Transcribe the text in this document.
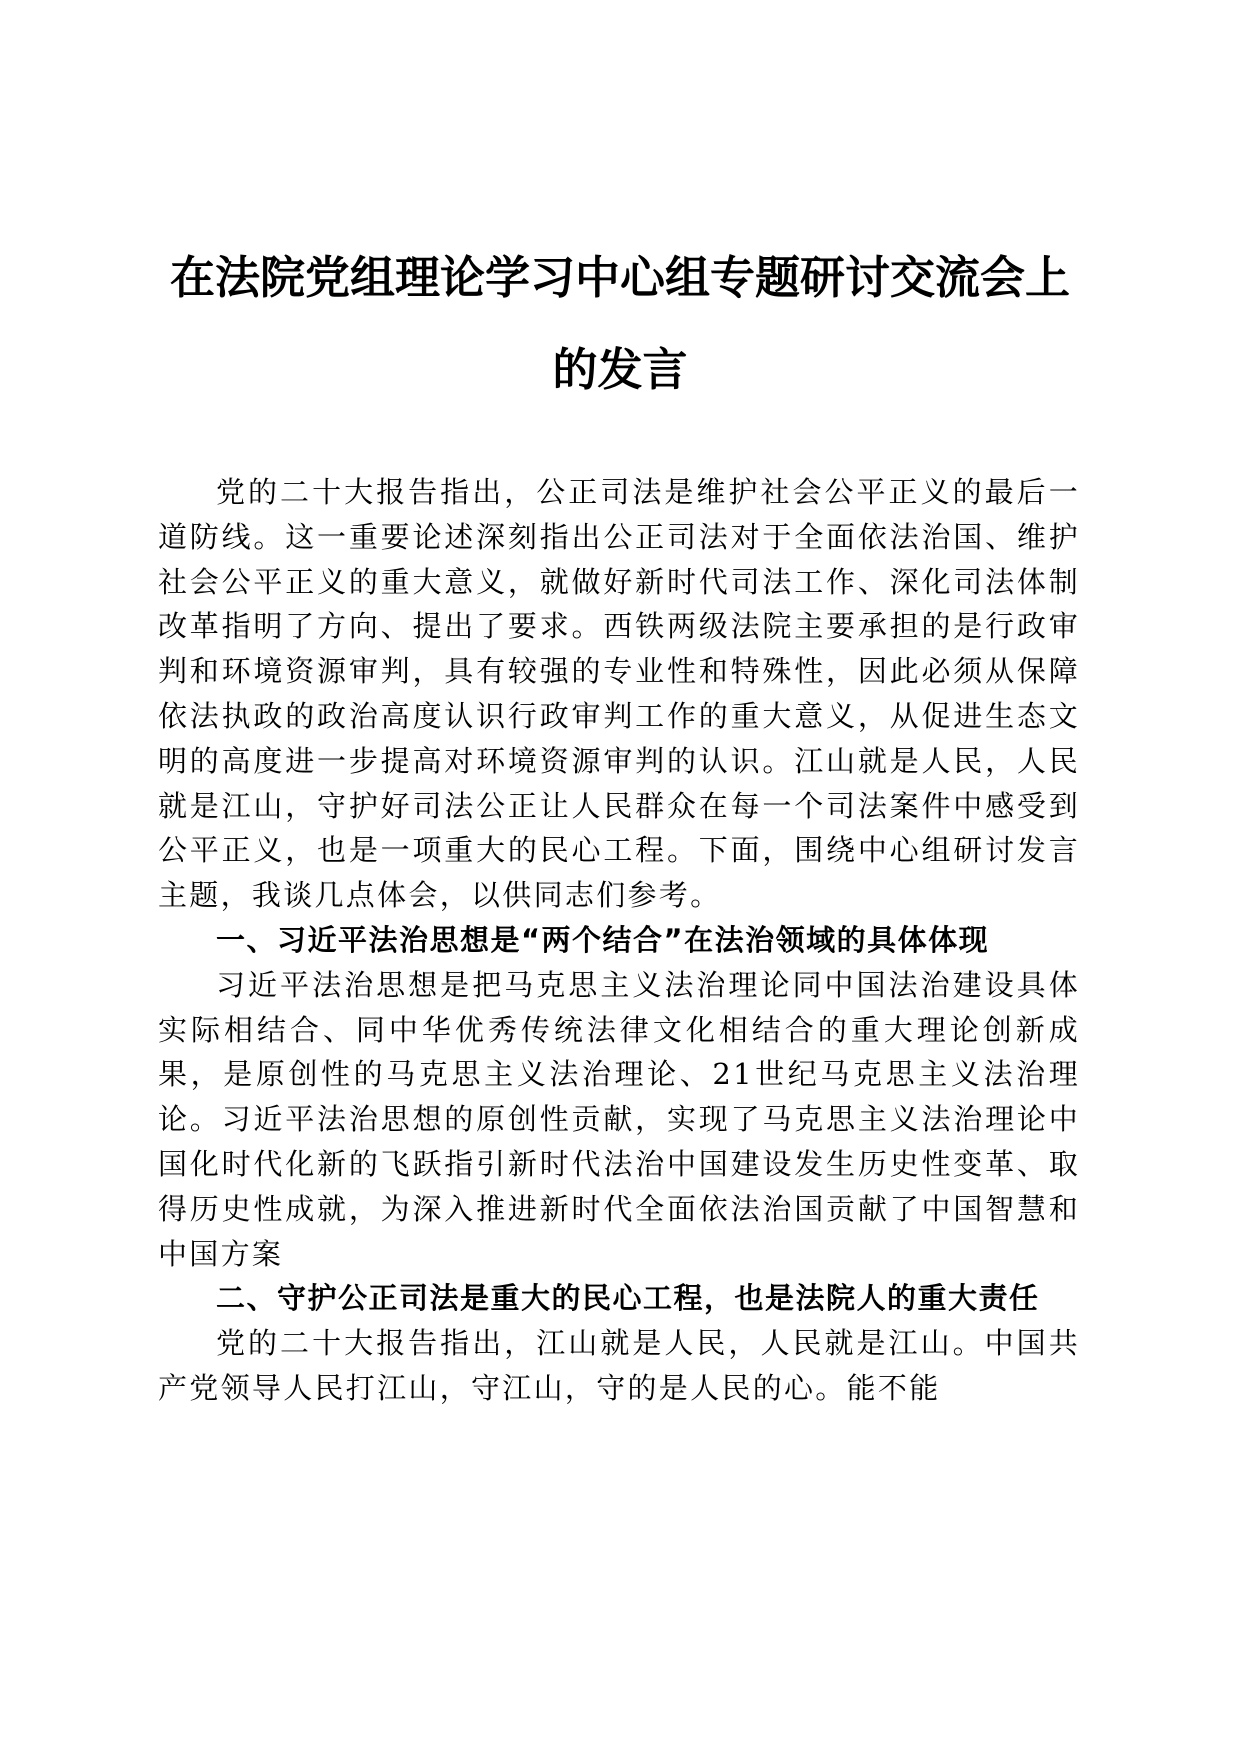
在法院党组理论学习中心组专题研讨交流会上的发言

党的二十大报告指出，公正司法是维护社会公平正义的最后一道防线。这一重要论述深刻指出公正司法对于全面依法治国、维护社会公平正义的重大意义，就做好新时代司法工作、深化司法体制改革指明了方向、提出了要求。西铁两级法院主要承担的是行政审判和环境资源审判，具有较强的专业性和特殊性，因此必须从保障依法执政的政治高度认识行政审判工作的重大意义，从促进生态文明的高度进一步提高对环境资源审判的认识。江山就是人民，人民就是江山，守护好司法公正让人民群众在每一个司法案件中感受到公平正义，也是一项重大的民心工程。下面，围绕中心组研讨发言主题，我谈几点体会，以供同志们参考。

一、习近平法治思想是“两个结合”在法治领域的具体体现

习近平法治思想是把马克思主义法治理论同中国法治建设具体实际相结合、同中华优秀传统法律文化相结合的重大理论创新成果，是原创性的马克思主义法治理论、21世纪马克思主义法治理论。习近平法治思想的原创性贡献，实现了马克思主义法治理论中国化时代化新的飞跃指引新时代法治中国建设发生历史性变革、取得历史性成就，为深入推进新时代全面依法治国贡献了中国智慧和中国方案

二、守护公正司法是重大的民心工程，也是法院人的重大责任

党的二十大报告指出，江山就是人民，人民就是江山。中国共产党领导人民打江山，守江山，守的是人民的心。能不能
